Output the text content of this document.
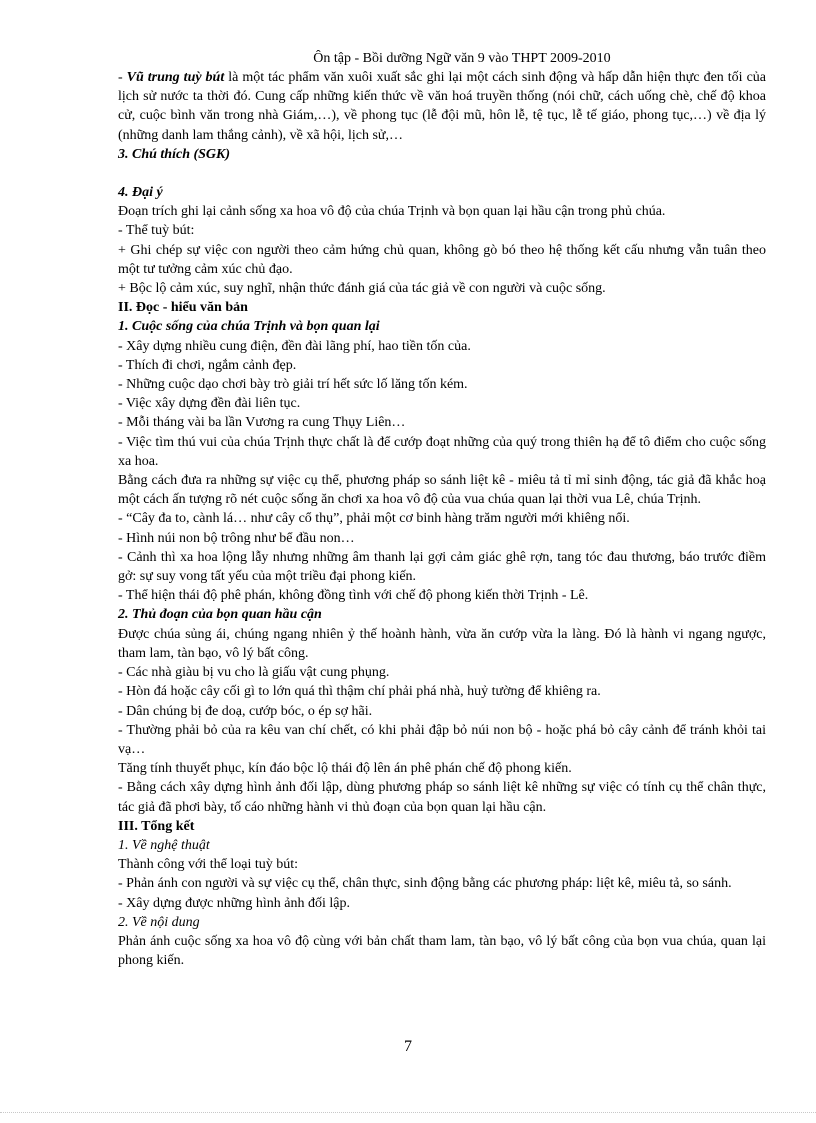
Ôn tập - Bồi dưỡng Ngữ văn 9 vào THPT 2009-2010

- Vũ trung tuỳ bút là một tác phẩm văn xuôi xuất sắc ghi lại một cách sinh động và hấp dẫn hiện thực đen tối của lịch sử nước ta thời đó. Cung cấp những kiến thức về văn hoá truyền thống (nói chữ, cách uống chè, chế độ khoa cử, cuộc bình văn trong nhà Giám,…), về phong tục (lễ đội mũ, hôn lễ, tệ tục, lễ tế giáo, phong tục,…) về địa lý (những danh lam thắng cảnh), về xã hội, lịch sử,…

3. Chú thích (SGK)

4. Đại ý

Đoạn trích ghi lại cảnh sống xa hoa vô độ của chúa Trịnh và bọn quan lại hầu cận trong phủ chúa.

- Thể tuỳ bút:

+ Ghi chép sự việc con người theo cảm hứng chủ quan, không gò bó theo hệ thống kết cấu nhưng vẫn tuân theo một tư tưởng cảm xúc chủ đạo.

+ Bộc lộ cảm xúc, suy nghĩ, nhận thức đánh giá của tác giả về con người và cuộc sống.

II. Đọc - hiểu văn bản

1. Cuộc sống của chúa Trịnh và bọn quan lại

- Xây dựng nhiều cung điện, đền đài lãng phí, hao tiền tốn của.

- Thích đi chơi, ngắm cảnh đẹp.

- Những cuộc dạo chơi bày trò giải trí hết sức lố lăng tốn kém.

- Việc xây dựng đền đài liên tục.

- Mỗi tháng vài ba lần Vương ra cung Thụy Liên…

- Việc tìm thú vui của chúa Trịnh thực chất là để cướp đoạt những của quý trong thiên hạ để tô điểm cho cuộc sống xa hoa.

Bằng cách đưa ra những sự việc cụ thể, phương pháp so sánh liệt kê - miêu tả tỉ mỉ sinh động, tác giả đã khắc hoạ một cách ấn tượng rõ nét cuộc sống ăn chơi xa hoa vô độ của vua chúa quan lại thời vua Lê, chúa Trịnh.

- “Cây đa to, cành lá… như cây cổ thụ”, phải một cơ binh hàng trăm người mới khiêng nổi.

- Hình núi non bộ trông như bể đầu non…

- Cảnh thì xa hoa lộng lẫy nhưng những âm thanh lại gợi cảm giác ghê rợn, tang tóc đau thương, báo trước điềm gở: sự suy vong tất yếu của một triều đại phong kiến.

- Thể hiện thái độ phê phán, không đồng tình với chế độ phong kiến thời Trịnh - Lê.

2. Thủ đoạn của bọn quan hầu cận

Được chúa sủng ái, chúng ngang nhiên ỷ thế hoành hành, vừa ăn cướp vừa la làng. Đó là hành vi ngang ngược, tham lam, tàn bạo, vô lý bất công.

- Các nhà giàu bị vu cho là giấu vật cung phụng.

- Hòn đá hoặc cây cối gì to lớn quá thì thậm chí phải phá nhà, huỷ tường để khiêng ra.

- Dân chúng bị đe doạ, cướp bóc, o ép sợ hãi.

- Thường phải bỏ của ra kêu van chí chết, có khi phải đập bỏ núi non bộ - hoặc phá bỏ cây cảnh để tránh khỏi tai vạ…

Tăng tính thuyết phục, kín đáo bộc lộ thái độ lên án phê phán chế độ phong kiến.

- Bằng cách xây dựng hình ảnh đối lập, dùng phương pháp so sánh liệt kê những sự việc có tính cụ thể chân thực, tác giả đã phơi bày, tố cáo những hành vi thủ đoạn của bọn quan lại hầu cận.

III. Tổng kết

1. Về nghệ thuật

Thành công với thể loại tuỳ bút:

- Phản ánh con người và sự việc cụ thể, chân thực, sinh động bằng các phương pháp: liệt kê, miêu tả, so sánh.

- Xây dựng được những hình ảnh đối lập.

2. Về nội dung

Phản ánh cuộc sống xa hoa vô độ cùng với bản chất tham lam, tàn bạo, vô lý bất công của bọn vua chúa, quan lại phong kiến.

7
